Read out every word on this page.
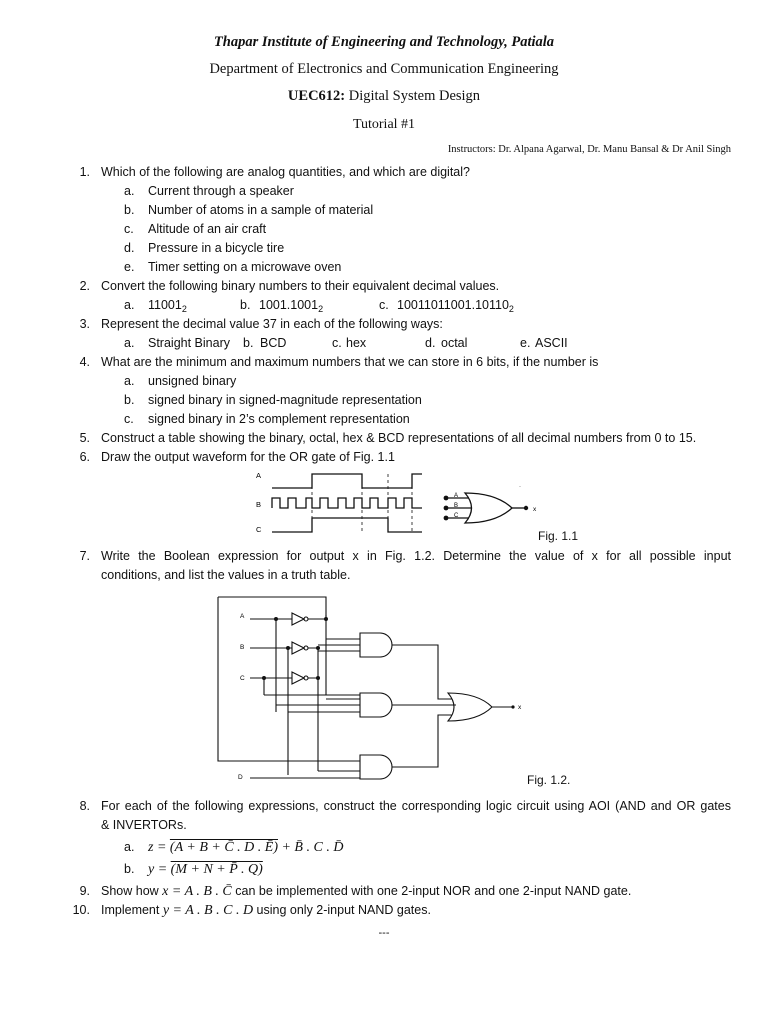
Thapar Institute of Engineering and Technology, Patiala
Department of Electronics and Communication Engineering
UEC612: Digital System Design
Tutorial #1
Instructors: Dr. Alpana Agarwal, Dr. Manu Bansal & Dr Anil Singh
1. Which of the following are analog quantities, and which are digital?
a. Current through a speaker
b. Number of atoms in a sample of material
c. Altitude of an air craft
d. Pressure in a bicycle tire
e. Timer setting on a microwave oven
2. Convert the following binary numbers to their equivalent decimal values.
a. $11001_2$	b. $1001.1001_2$	c. $10011011001.10110_2$
3. Represent the decimal value 37 in each of the following ways:
a. Straight Binary b. BCD	c. hex	d. octal	e. ASCII
4. What are the minimum and maximum numbers that we can store in 6 bits, if the number is
a. unsigned binary
b. signed binary in signed-magnitude representation
c. signed binary in 2’s complement representation
5. Construct a table showing the binary, octal, hex & BCD representations of all decimal numbers from 0 to 15.
6. Draw the output waveform for the OR gate of Fig. 1.1
A
B
C
A
B
C
x
·
Fig. 1.1
7. Write the Boolean expression for output x in Fig. 1.2. Determine the value of x for all possible input
conditions, and list the values in a truth table.
A
B
C
D
x
Fig. 1.2.
8. For each of the following expressions, construct the corresponding logic circuit using AOI (AND and OR gates
& INVERTORs.
a. z = (A + B + C̄ . D . Ē) + B̄ . C . D̄
b. y = (M + N + P̄ . Q)
9. Show how x = A . B . C̄ can be implemented with one 2-input NOR and one 2-input NAND gate.
10. Implement y = A . B . C . D using only 2-input NAND gates.
---
